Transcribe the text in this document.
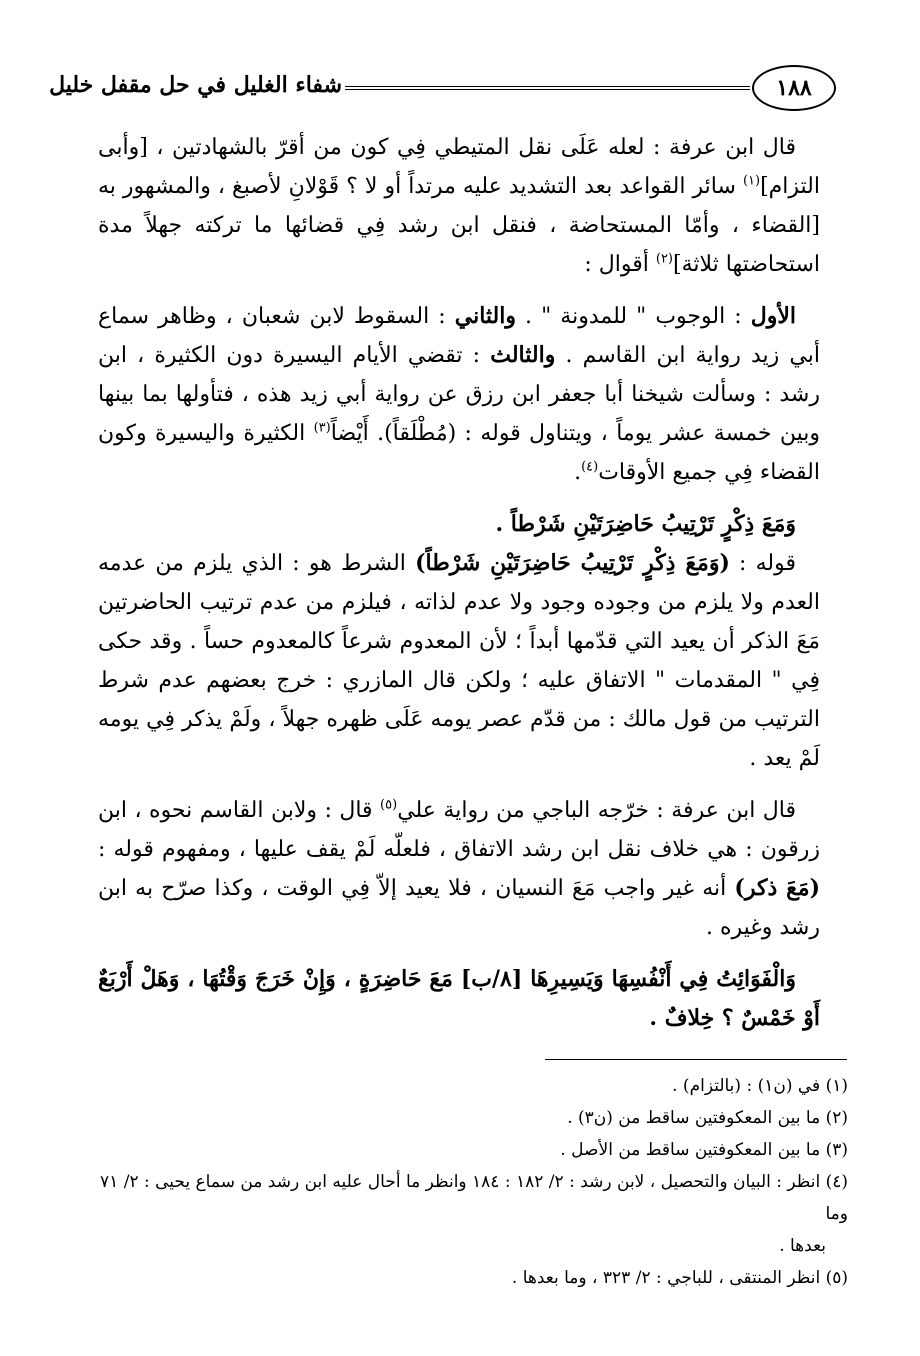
١٨٨
شفاء الغليل في حل مقفل خليل

قال ابن عرفة : لعله عَلَى نقل المتيطي فِي كون من أقرّ بالشهادتين ، [وأبى التزام]$^{(١)}$ سائر القواعد بعد التشديد عليه مرتداً أو لا ؟ قَوْلانِ لأصبغ ، والمشهور به [القضاء ، وأمّا المستحاضة ، فنقل ابن رشد فِي قضائها ما تركته جهلاً مدة استحاضتها ثلاثة]$^{(٢)}$ أقوال :

الأول : الوجوب " للمدونة " . والثاني : السقوط لابن شعبان ، وظاهر سماع أبي زيد رواية ابن القاسم . والثالث : تقضي الأيام اليسيرة دون الكثيرة ، ابن رشد : وسألت شيخنا أبا جعفر ابن رزق عن رواية أبي زيد هذه ، فتأولها بما بينها وبين خمسة عشر يوماً ، ويتناول قوله : (مُطْلَقاً). أَيْضاً$^{(٣)}$ الكثيرة واليسيرة وكون القضاء فِي جميع الأوقات$^{(٤)}$.

وَمَعَ ذِكْرٍ تَرْتِيبُ حَاضِرَتَيْنِ شَرْطاً .

قوله : (وَمَعَ ذِكْرٍ تَرْتِيبُ حَاضِرَتَيْنِ شَرْطاً) الشرط هو : الذي يلزم من عدمه العدم ولا يلزم من وجوده وجود ولا عدم لذاته ، فيلزم من عدم ترتيب الحاضرتين مَعَ الذكر أن يعيد التي قدّمها أبداً ؛ لأن المعدوم شرعاً كالمعدوم حساً . وقد حكى فِي " المقدمات " الاتفاق عليه ؛ ولكن قال المازري : خرج بعضهم عدم شرط الترتيب من قول مالك : من قدّم عصر يومه عَلَى ظهره جهلاً ، ولَمْ يذكر فِي يومه لَمْ يعد .

قال ابن عرفة : خرّجه الباجي من رواية علي$^{(٥)}$ قال : ولابن القاسم نحوه ، ابن زرقون : هي خلاف نقل ابن رشد الاتفاق ، فلعلّه لَمْ يقف عليها ، ومفهوم قوله : (مَعَ ذكر) أنه غير واجب مَعَ النسيان ، فلا يعيد إلاّ فِي الوقت ، وكذا صرّح به ابن رشد وغيره .

وَالْفَوَائِتُ فِي أَنْفُسِهَا وَيَسِيرِهَا [٨/ب] مَعَ حَاضِرَةٍ ، وَإِنْ خَرَجَ وَقْتُهَا ، وَهَلْ أَرْبَعٌ أَوْ خَمْسٌ ؟ خِلافٌ .

(١) في (ن١) : (بالتزام) .

(٢) ما بين المعكوفتين ساقط من (ن٣) .

(٣) ما بين المعكوفتين ساقط من الأصل .

(٤) انظر : البيان والتحصيل ، لابن رشد : ٢/ ١٨٢ : ١٨٤ وانظر ما أحال عليه ابن رشد من سماع يحيى : ٢/ ٧١ وما

بعدها .

(٥) انظر المنتقى ، للباجي : ٢/ ٣٢٣ ، وما بعدها .
